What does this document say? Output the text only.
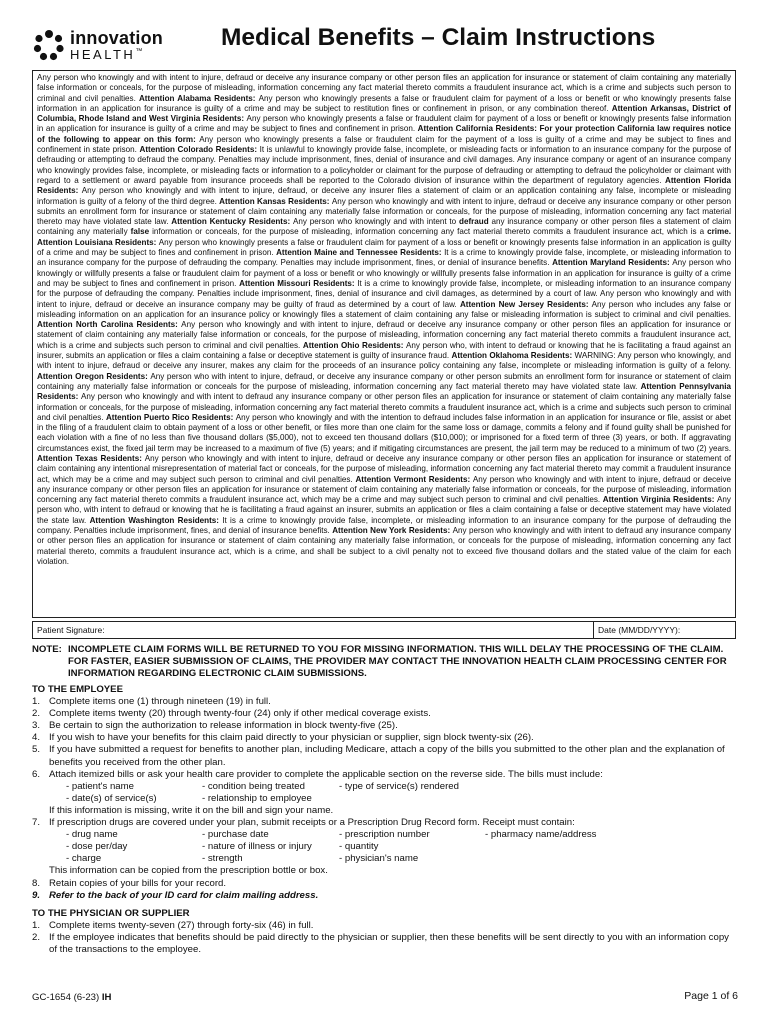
innovation
HEALTH™
Medical Benefits – Claim Instructions
Any person who knowingly and with intent to injure, defraud or deceive any insurance company or other person files an application for insurance or statement of claim containing any materially false information or conceals, for the purpose of misleading, information concerning any fact material thereto commits a fraudulent insurance act, which is a crime and subjects such person to criminal and civil penalties. Attention Alabama Residents: Any person who knowingly presents a false or fraudulent claim for payment of a loss or benefit or who knowingly presents false information in an application for insurance is guilty of a crime and may be subject to restitution fines or confinement in prison, or any combination thereof. Attention Arkansas, District of Columbia, Rhode Island and West Virginia Residents: Any person who knowingly presents a false or fraudulent claim for payment of a loss or benefit or knowingly presents false information in an application for insurance is guilty of a crime and may be subject to fines and confinement in prison. Attention California Residents: For your protection California law requires notice of the following to appear on this form: Any person who knowingly presents a false or fraudulent claim for the payment of a loss is guilty of a crime and may be subject to fines and confinement in state prison. Attention Colorado Residents: It is unlawful to knowingly provide false, incomplete, or misleading facts or information to an insurance company for the purpose of defrauding or attempting to defraud the company. Penalties may include imprisonment, fines, denial of insurance and civil damages. Any insurance company or agent of an insurance company who knowingly provides false, incomplete, or misleading facts or information to a policyholder or claimant for the purpose of defrauding or attempting to defraud the policyholder or claimant with regard to a settlement or award payable from insurance proceeds shall be reported to the Colorado division of insurance within the department of regulatory agencies. Attention Florida Residents: Any person who knowingly and with intent to injure, defraud, or deceive any insurer files a statement of claim or an application containing any false, incomplete or misleading information is guilty of a felony of the third degree. Attention Kansas Residents: Any person who knowingly and with intent to injure, defraud or deceive any insurance company or other person submits an enrollment form for insurance or statement of claim containing any materially false information or conceals, for the purpose of misleading, information concerning any fact material thereto may have violated state law. Attention Kentucky Residents: Any person who knowingly and with intent to defraud any insurance company or other person files a statement of claim containing any materially false information or conceals, for the purpose of misleading, information concerning any fact material thereto commits a fraudulent insurance act, which is a crime. Attention Louisiana Residents: Any person who knowingly presents a false or fraudulent claim for payment of a loss or benefit or knowingly presents false information in an application is guilty of a crime and may be subject to fines and confinement in prison. Attention Maine and Tennessee Residents: It is a crime to knowingly provide false, incomplete, or misleading information to an insurance company for the purpose of defrauding the company. Penalties may include imprisonment, fines, or denial of insurance benefits. Attention Maryland Residents: Any person who knowingly or willfully presents a false or fraudulent claim for payment of a loss or benefit or who knowingly or willfully presents false information in an application for insurance is guilty of a crime and may be subject to fines and confinement in prison. Attention Missouri Residents: It is a crime to knowingly provide false, incomplete, or misleading information to an insurance company for the purpose of defrauding the company. Penalties include imprisonment, fines, denial of insurance and civil damages, as determined by a court of law. Any person who knowingly and with intent to injure, defraud or deceive an insurance company may be guilty of fraud as determined by a court of law. Attention New Jersey Residents: Any person who includes any false or misleading information on an application for an insurance policy or knowingly files a statement of claim containing any false or misleading information is subject to criminal and civil penalties. Attention North Carolina Residents: Any person who knowingly and with intent to injure, defraud or deceive any insurance company or other person files an application for insurance or statement of claim containing any materially false information or conceals, for the purpose of misleading, information concerning any fact material thereto commits a fraudulent insurance act, which is a crime and subjects such person to criminal and civil penalties. Attention Ohio Residents: Any person who, with intent to defraud or knowing that he is facilitating a fraud against an insurer, submits an application or files a claim containing a false or deceptive statement is guilty of insurance fraud. Attention Oklahoma Residents: WARNING: Any person who knowingly, and with intent to injure, defraud or deceive any insurer, makes any claim for the proceeds of an insurance policy containing any false, incomplete or misleading information is guilty of a felony. Attention Oregon Residents: Any person who with intent to injure, defraud, or deceive any insurance company or other person submits an enrollment form for insurance or statement of claim containing any materially false information or conceals for the purpose of misleading, information concerning any fact material thereto may have violated state law. Attention Pennsylvania Residents: Any person who knowingly and with intent to defraud any insurance company or other person files an application for insurance or statement of claim containing any materially false information or conceals, for the purpose of misleading, information concerning any fact material thereto commits a fraudulent insurance act, which is a crime and subjects such person to criminal and civil penalties. Attention Puerto Rico Residents: Any person who knowingly and with the intention to defraud includes false information in an application for insurance or file, assist or abet in the filing of a fraudulent claim to obtain payment of a loss or other benefit, or files more than one claim for the same loss or damage, commits a felony and if found guilty shall be punished for each violation with a fine of no less than five thousand dollars ($5,000), not to exceed ten thousand dollars ($10,000); or imprisoned for a fixed term of three (3) years, or both. If aggravating circumstances exist, the fixed jail term may be increased to a maximum of five (5) years; and if mitigating circumstances are present, the jail term may be reduced to a minimum of two (2) years. Attention Texas Residents: Any person who knowingly and with intent to injure, defraud or deceive any insurance company or other person files an application for insurance or statement of claim containing any intentional misrepresentation of material fact or conceals, for the purpose of misleading, information concerning any fact material thereto may commit a fraudulent insurance act, which may be a crime and may subject such person to criminal and civil penalties. Attention Vermont Residents: Any person who knowingly and with intent to injure, defraud or deceive any insurance company or other person files an application for insurance or statement of claim containing any materially false information or conceals, for the purpose of misleading, information concerning any fact material thereto commits a fraudulent insurance act, which may be a crime and may subject such person to criminal and civil penalties. Attention Virginia Residents: Any person who, with intent to defraud or knowing that he is facilitating a fraud against an insurer, submits an application or files a claim containing a false or deceptive statement may have violated the state law. Attention Washington Residents: It is a crime to knowingly provide false, incomplete, or misleading information to an insurance company for the purpose of defrauding the company. Penalties include imprisonment, fines, and denial of insurance benefits. Attention New York Residents: Any person who knowingly and with intent to defraud any insurance company or other person files an application for insurance or statement of claim containing any materially false information, or conceals for the purpose of misleading, information concerning any fact material thereto, commits a fraudulent insurance act, which is a crime, and shall be subject to a civil penalty not to exceed five thousand dollars and the stated value of the claim for each violation.
Patient Signature:	Date (MM/DD/YYYY):
NOTE: INCOMPLETE CLAIM FORMS WILL BE RETURNED TO YOU FOR MISSING INFORMATION. THIS WILL DELAY THE PROCESSING OF THE CLAIM. FOR FASTER, EASIER SUBMISSION OF CLAIMS, THE PROVIDER MAY CONTACT THE INNOVATION HEALTH CLAIM PROCESSING CENTER FOR INFORMATION REGARDING ELECTRONIC CLAIM SUBMISSIONS.
TO THE EMPLOYEE
1. Complete items one (1) through nineteen (19) in full.
2. Complete items twenty (20) through twenty-four (24) only if other medical coverage exists.
3. Be certain to sign the authorization to release information in block twenty-five (25).
4. If you wish to have your benefits for this claim paid directly to your physician or supplier, sign block twenty-six (26).
5. If you have submitted a request for benefits to another plan, including Medicare, attach a copy of the bills you submitted to the other plan and the explanation of benefits you received from the other plan.
6. Attach itemized bills or ask your health care provider to complete the applicable section on the reverse side. The bills must include:
- patient's name	- condition being treated	- type of service(s) rendered
- date(s) of service(s)	- relationship to employee
If this information is missing, write it on the bill and sign your name.
7. If prescription drugs are covered under your plan, submit receipts or a Prescription Drug Record form. Receipt must contain:
- drug name	- purchase date	- prescription number	- pharmacy name/address
- dose per/day	- nature of illness or injury	- quantity
- charge	- strength	- physician's name
This information can be copied from the prescription bottle or box.
8. Retain copies of your bills for your record.
9. Refer to the back of your ID card for claim mailing address.
TO THE PHYSICIAN OR SUPPLIER
1. Complete items twenty-seven (27) through forty-six (46) in full.
2. If the employee indicates that benefits should be paid directly to the physician or supplier, then these benefits will be sent directly to you with an information copy of the transactions to the employee.
GC-1654 (6-23) IH	Page 1 of 6
